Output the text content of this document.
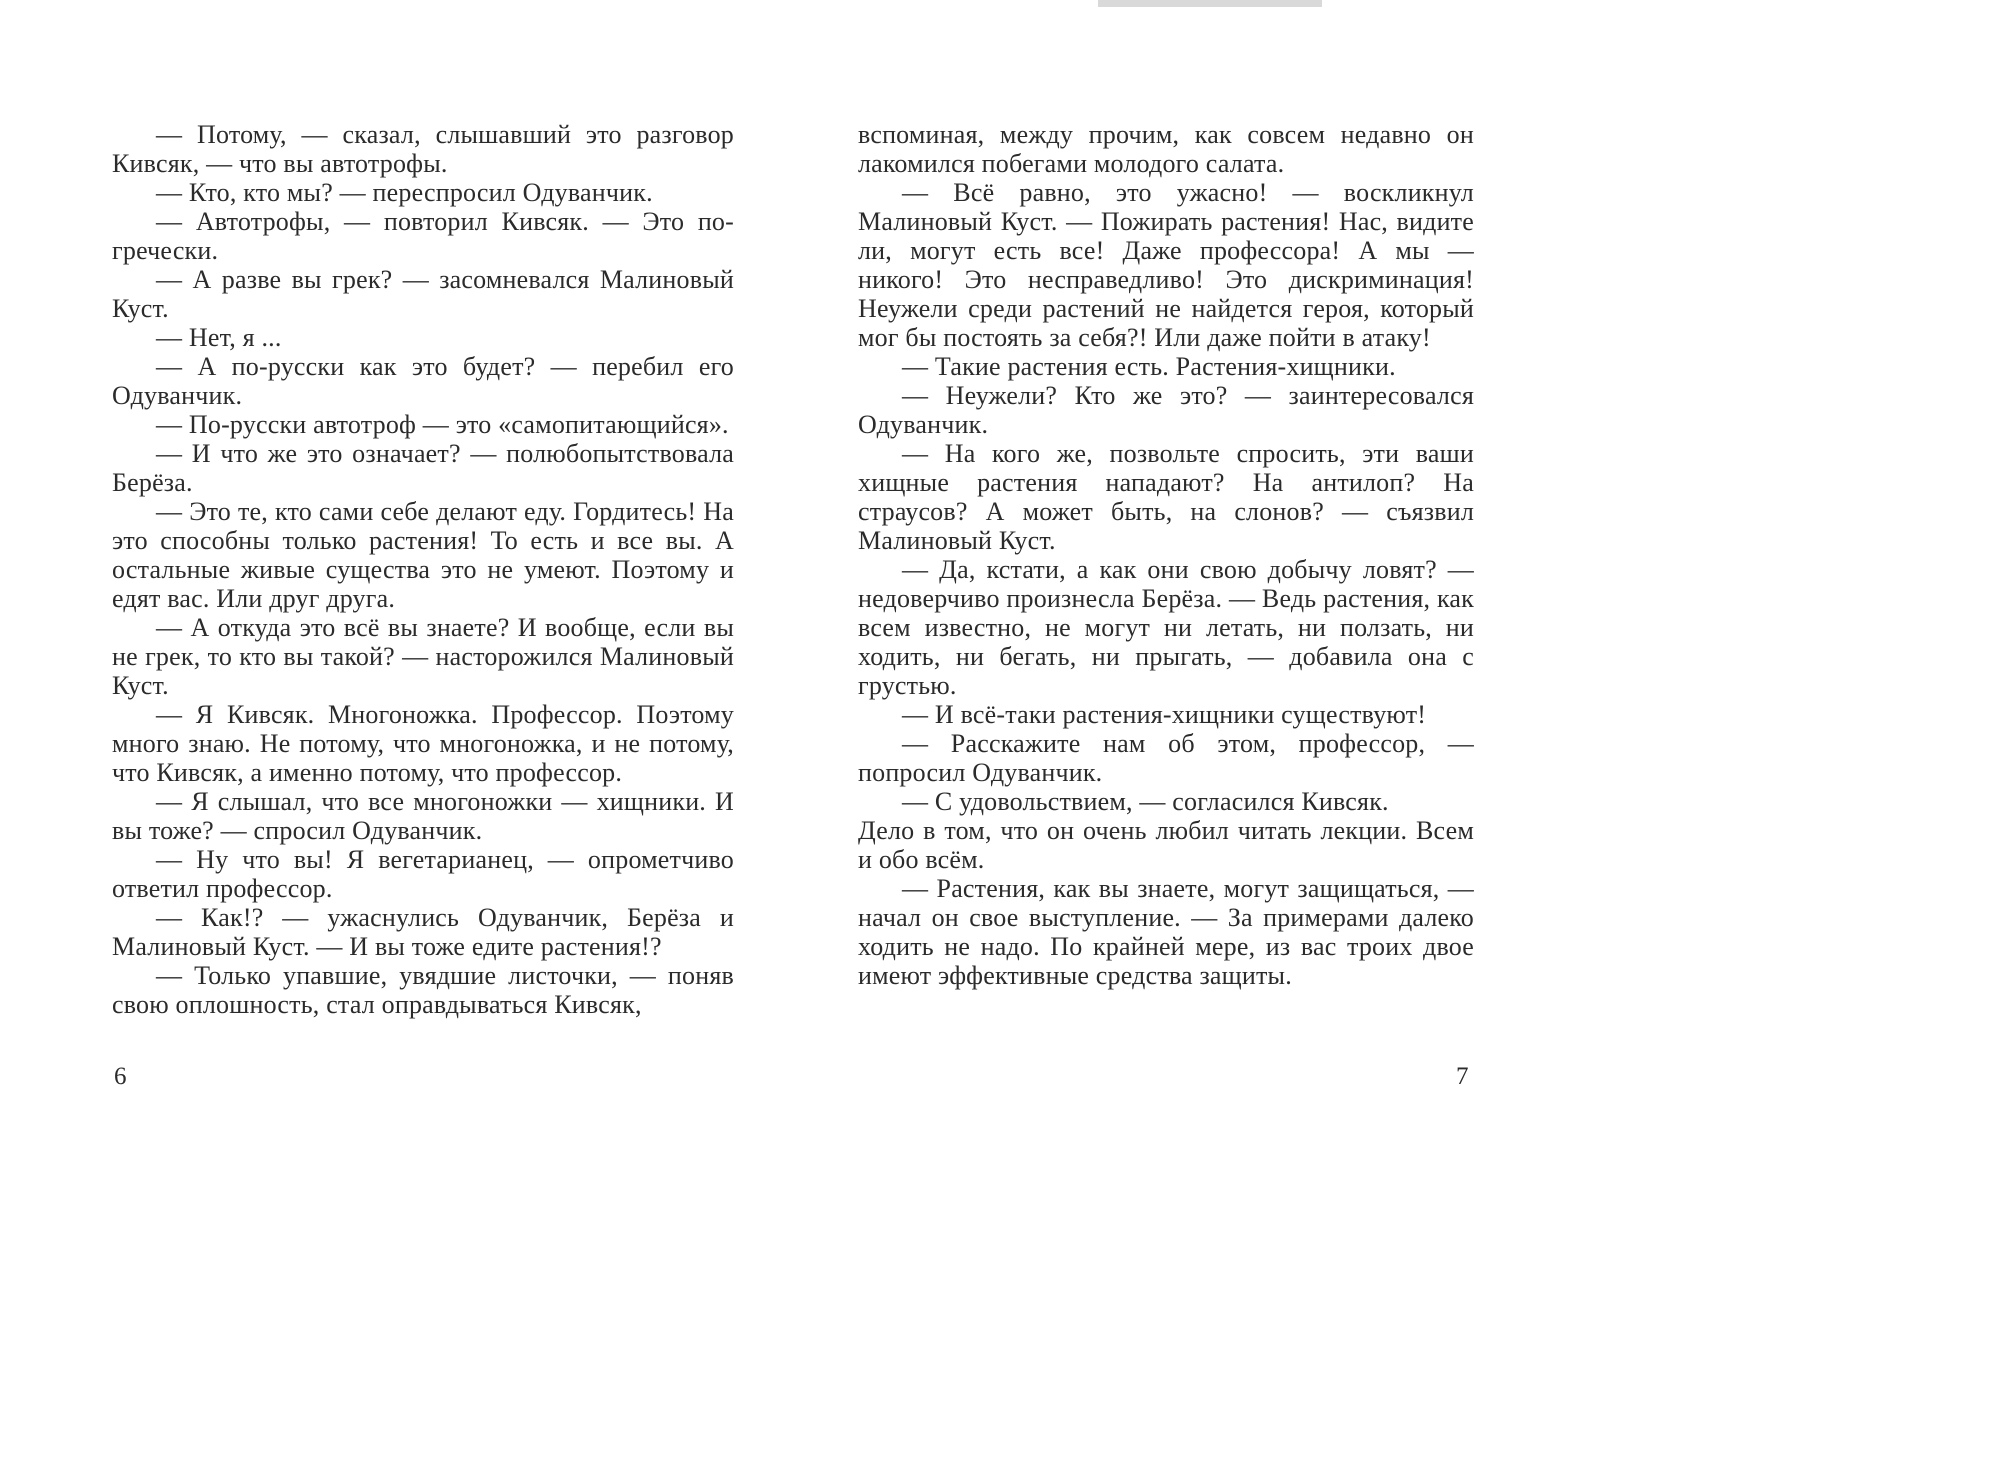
— Потому, — сказал, слышавший это разговор Кивсяк, — что вы автотрофы.

— Кто, кто мы? — переспросил Одуванчик.

— Автотрофы, — повторил Кивсяк. — Это по-гречески.

— А разве вы грек? — засомневался Малиновый Куст.

— Нет, я ...

— А по-русски как это будет? — перебил его Одуванчик.

— По-русски автотроф — это «самопитающийся».

— И что же это означает? — полюбопытствовала Берёза.

— Это те, кто сами себе делают еду. Гордитесь! На это способны только растения! То есть и все вы. А остальные живые существа это не умеют. Поэтому и едят вас. Или друг друга.

— А откуда это всё вы знаете? И вообще, если вы не грек, то кто вы такой? — насторожился Малиновый Куст.

— Я Кивсяк. Многоножка. Профессор. Поэтому много знаю. Не потому, что многоножка, и не потому, что Кивсяк, а именно потому, что профессор.

— Я слышал, что все многоножки — хищники. И вы тоже? — спросил Одуванчик.

— Ну что вы! Я вегетарианец, — опрометчиво ответил профессор.

— Как!? — ужаснулись Одуванчик, Берёза и Малиновый Куст. — И вы тоже едите растения!?

— Только упавшие, увядшие листочки, — поняв свою оплошность, стал оправдываться Кивсяк,

вспоминая, между прочим, как совсем недавно он лакомился побегами молодого салата.

— Всё равно, это ужасно! — воскликнул Малиновый Куст. — Пожирать растения! Нас, видите ли, могут есть все! Даже профессора! А мы — никого! Это несправедливо! Это дискриминация! Неужели среди растений не найдется героя, который мог бы постоять за себя?! Или даже пойти в атаку!

— Такие растения есть. Растения-хищники.

— Неужели? Кто же это? — заинтересовался Одуванчик.

— На кого же, позвольте спросить, эти ваши хищные растения нападают? На антилоп? На страусов? А может быть, на слонов? — съязвил Малиновый Куст.

— Да, кстати, а как они свою добычу ловят? — недоверчиво произнесла Берёза. — Ведь растения, как всем известно, не могут ни летать, ни ползать, ни ходить, ни бегать, ни прыгать, — добавила она с грустью.

— И всё-таки растения-хищники существуют!

— Расскажите нам об этом, профессор, — попросил Одуванчик.

— С удовольствием, — согласился Кивсяк.

Дело в том, что он очень любил читать лекции. Всем и обо всём.

— Растения, как вы знаете, могут защищаться, — начал он свое выступление. — За примерами далеко ходить не надо. По крайней мере, из вас троих двое имеют эффективные средства защиты.

6	7
